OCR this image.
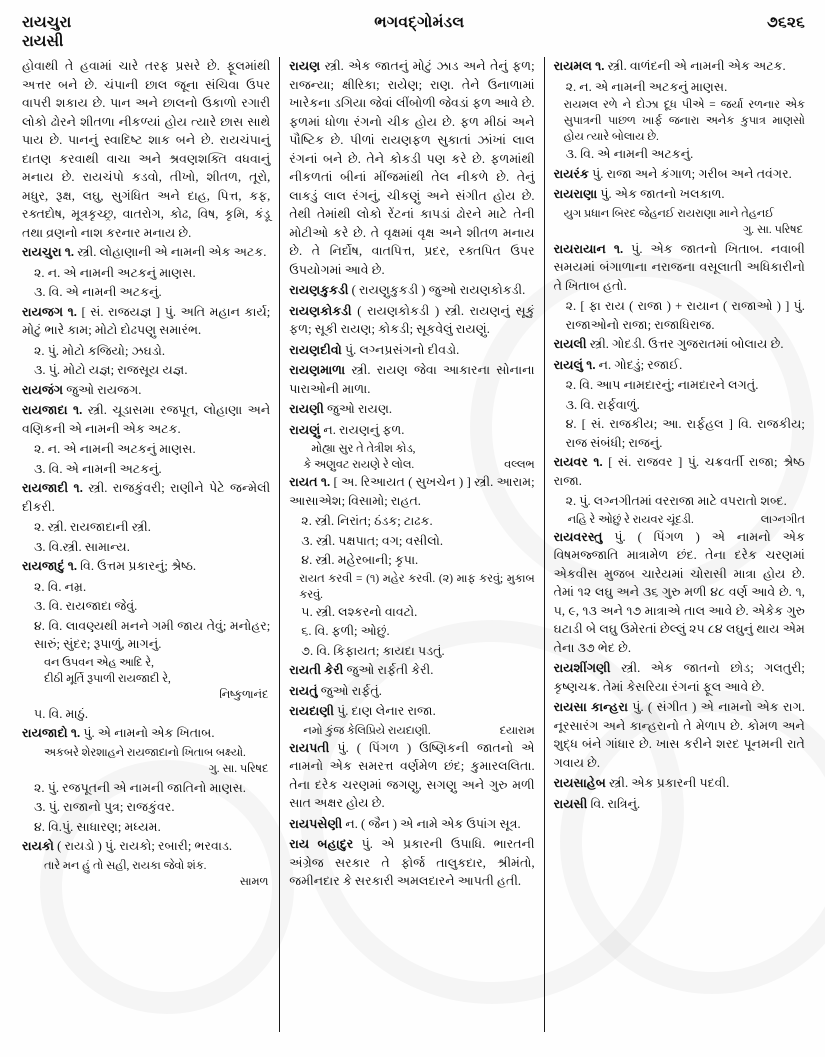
રાયચુરા	ભગવદ્ગોમંડલ	૭૬૨૬
રાયસી

હોવાથી તે હવામાં ચારે તરફ પ્રસરે છે. ફૂલમાંથી અત્તર બને છે. ચંપાની છાલ જૂના સંચિવા ઉપર વાપરી શકાય છે. પાન અને છાલનો ઉકાળો રગારી લોકો ઢોરને શીતળા નીકળ્યાં હોય ત્યારે છાસ સાથે પાય છે. પાનનું સ્વાદિષ્ટ શાક બને છે. રાયચંપાનું દાતણ કરવાથી વાચા અને શ્રવણશક્તિ વધવાનું મનાય છે. રાયચંપો કડવો, તીખો, શીતળ, તૂરો, મધુર, રૂક્ષ, લઘુ, સુગંધિત અને દાહ, પિત્ત, કફ, રક્તદોષ, મૂત્રકૃચ્છ્ર, વાતરોગ, કોઢ, વિષ, કૃમિ, કંડૂ તથા વ્રણનો નાશ કરનાર મનાય છે.

રાયચુરા ૧. સ્ત્રી. લોહાણાની એ નામની એક અટક.

૨. ન. એ નામની અટકનું માણસ.

૩. વિ. એ નામની અટકનું.

રાયજગ ૧. [ સં. રાજયજ્ઞ ] પું. અતિ મહાન કાર્ય; મોટું ભારે કામ; મોટો દોઢપણુ સમારંભ.

૨. પું. મોટો કજિયો; ઝઘડો.

૩. પું. મોટો યજ્ઞ; રાજસૂય યજ્ઞ.

રાયજંગ જુઓ રાયજગ.

રાયજાદા ૧. સ્ત્રી. ચૂડાસમા રજપૂત, લોહાણા અને વણિકની એ નામની એક અટક.

૨. ન. એ નામની અટકનું માણસ.

૩. વિ. એ નામની અટકનું.

રાયજાદી ૧. સ્ત્રી. રાજકુંવરી; રાણીને પેટે જન્મેલી દીકરી.

૨. સ્ત્રી. રાયજાદાની સ્ત્રી.

૩. વિ.સ્ત્રી. સામાન્ય.

રાયજાદું ૧. વિ. ઉત્તમ પ્રકારનું; શ્રેષ્ઠ.

૨. વિ. નમ્ર.

૩. વિ. રાયજાદા જેવું.

૪. વિ. લાવણ્યથી મનને ગમી જાય તેવું; મનોહર; સારું; સુંદર; રૂપાળું, માગનું.

વન ઉપવન એહ આદિ રે,

દીઠી મૂર્તિ રૂપાળી રાયજાદી રે,

નિષ્કુળાનંદ

૫. વિ. માઠું.

રાયજાદો ૧. પું. એ નામનો એક ખિતાબ.

અકબરે શેરશાહને રાયજાદાનો ખિતાબ બક્ષ્યો.

ગુ. સા. પરિષદ

૨. પું. રજપૂતની એ નામની જાતિનો માણસ.

૩. પું. રાજાનો પુત્ર; રાજકુંવર.

૪. વિ.પું. સાધારણ; મધ્યમ.

રાયકો ( રાયડો ) પું. રાયકો; રબારી; ભરવાડ.

તારે મન હું તો સહી, રાયકા જેવો શંક.

સામળ

રાયણ સ્ત્રી. એક જાતનું મોટું ઝાડ અને તેનું ફળ; રાજન્યા; ક્ષીરિકા; રાયેણ; રાણ. તેને ઉનાળામાં ખારેકના ડગિયા જેવાં લીંબોળી જેવડાં ફળ આવે છે. ફળમાં ધોળા રંગનો ચીક હોય છે. ફળ મીઠાં અને પૌષ્ટિક છે. પીળાં રાયણફળ સુકાતાં ઝાંખાં લાલ રંગનાં બને છે. તેને કોકડી પણ કરે છે. ફળમાંથી નીકળતાં બીનાં મીંજમાંથી તેલ નીકળે છે. તેનું લાકડું લાલ રંગનું, ચીકણું અને સંગીત હોય છે. તેથી તેમાંથી લોકો રેંટનાં કાપડાં ઢોરને માટે તેની મોટીઓ કરે છે. તે વૃક્ષમાં વૃક્ષ અને શીતળ મનાય છે. તે નિર્દોષ, વાતપિત્ત, પ્રદર, રક્તપિત ઉપર ઉપયોગમાં આવે છે.

રાયણકુકડી ( રાયણુકુકડી ) જુઓ રાયણકોકડી.

રાયણકોકડી ( રાયણકોકડી ) સ્ત્રી. રાયણનું સૂકું ફળ; સૂકી રાયણ; કોકડી; સૂકવેલું રાયણું.

રાયણદીવો પું. લગ્નપ્રસંગનો દીવડો.

રાયણમાળા સ્ત્રી. રાયણ જેવા આકારના સોનાના પારાઓની માળા.

રાયણી જુઓ રાયણ.

રાયણું ન. રાયણનું ફળ.

મોહ્યા સુર તે તેત્રીશ કોડ,

કે અણુવટ રાયણે રે લોલ.	વલ્લભ

રાયત ૧. [ અ. રિઆયત ( સુખચેન ) ] સ્ત્રી. આરામ; આસાએશ; વિસામો; રાહત.

૨. સ્ત્રી. નિરાંત; ઠંડક; ટાઢક.

૩. સ્ત્રી. પક્ષપાત; વગ; વસીલો.

૪. સ્ત્રી. મહેરબાની; કૃપા.

રાયત કરવી = (૧) મહેર કરવી. (૨) માફ કરવું; મુકાબ કરવું.

૫. સ્ત્રી. લશ્કરનો વાવટો.

૬. વિ. ફળી; ઓછું.

૭. વિ. કિફાયત; કાયદા પડતું.

રાયતી કેરી જુઓ રાર્ફતી કેરી.

રાયતું જુઓ રાર્ફતું.

રાયદાણી પું. દાણ લેનાર રાજા.

નમો કુંજ કેલિપ્રિયે રાયદાણી.	દયારામ

રાયપતી પું. ( પિંગળ ) ઉષ્ણિકની જાતનો એ નામનો એક સમરત્ત વર્ણમેળ છંદ; કુમારલલિતા. તેના દરેક ચરણમાં જગણુ, સગણુ અને ગુરુ મળી સાત અક્ષર હોય છે.

રાયપસેણી ન. ( જૈન ) એ નામે એક ઉપાંગ સૂત્ર.

રાય બહાદુર પું. એ પ્રકારની ઉપાધિ. ભારતની અંગ્રેજ સરકાર તે ફોર્જ તાલુકદાર, શ્રીમંતો, જમીનદાર કે સરકારી અમલદારને આપતી હતી.

રાયમલ ૧. સ્ત્રી. વાળંદની એ નામની એક અટક.

૨. ન. એ નામની અટકનું માણસ.

રાયમલ રળે ને દોઝા દૂધ પીએ = જર્યા રળનાર એક સુપાત્રની પાછળ ખાર્ફ જનારા અનેક કુપાત્ર માણસો હોય ત્યારે બોલાય છે.

૩. વિ. એ નામની અટકનું.

રાયરંક પું. રાજા અને કંગાળ; ગરીબ અને તવંગર.

રાયરાણા પું. એક જાતનો ખલકાળ.

યુગ પ્રધાન બિરદ જેહનઈ રાયરાણા માને તેહનઈ

ગુ. સા. પરિષદ

રાયરાયાન ૧. પું. એક જાતનો ખિતાબ. નવાબી સમયમાં બંગાળાના નરાજના વસૂલાતી અધિકારીનો તે ખિતાબ હતો.

૨. [ ફા રાય ( રાજા ) + રાયાન ( રાજાઓ ) ] પું. રાજાઓનો રાજા; રાજાધિરાજ.

રાયલી સ્ત્રી. ગોદડી. ઉત્તર ગુજરાતમાં બોલાય છે.

રાયલું ૧. ન. ગોદડું; રજાઈ.

૨. વિ. આપ નામદારનું; નામદારને લગતું.

૩. વિ. રાર્ફવાળું.

૪. [ સં. રાજકીય; આ. રાર્ફહલ ] વિ. રાજકીય; રાજ સંબંધી; રાજનું.

રાયવર ૧. [ સં. રાજવર ] પું. ચક્રવર્તી રાજા; શ્રેષ્ઠ રાજા.

૨. પું. લગ્નગીતમાં વરરાજા માટે વપરાતો શબ્દ.

નહિ રે ઓછું રે રાયવર ચૂંદડી.	લાગ્નગીત

રાયવરસ્તુ પું. ( પિંગળ ) એ નામનો એક વિષમજ્જાતિ માત્રામેળ છંદ. તેના દરેક ચરણમાં એકવીસ મુજબ ચારેયમાં ચોરાસી માત્રા હોય છે. તેમાં ૧૨ લઘુ અને ૩૬ ગુરુ મળી ૪૮ વર્ણ આવે છે. ૧, ૫, ૯, ૧૩ અને ૧૭ માત્રાએ તાલ આવે છે. એકેક ગુરુ ઘટાડી બે લઘુ ઉમેરતાં છેલ્લું ૨૫ ૮૪ લઘુનું થાય એમ તેના ૩૭ ભેદ છે.

રાયશીંગણી સ્ત્રી. એક જાતનો છોડ; ગલતુરી; કૃષ્ણચક્ર. તેમાં કેસરિયા રંગનાં ફૂલ આવે છે.

રાયસા કાન્હરા પું. ( સંગીત ) એ નામનો એક રાગ. નૂરસારંગ અને કાન્હરાનો તે મેળાપ છે. કોમળ અને શુદ્ધ બંને ગાંધાર છે. ખાસ કરીને શરદ પૂનમની રાતે ગવાય છે.

રાયસાહેબ સ્ત્રી. એક પ્રકારની પદવી.

રાયસી વિ. રાત્રિનું.
